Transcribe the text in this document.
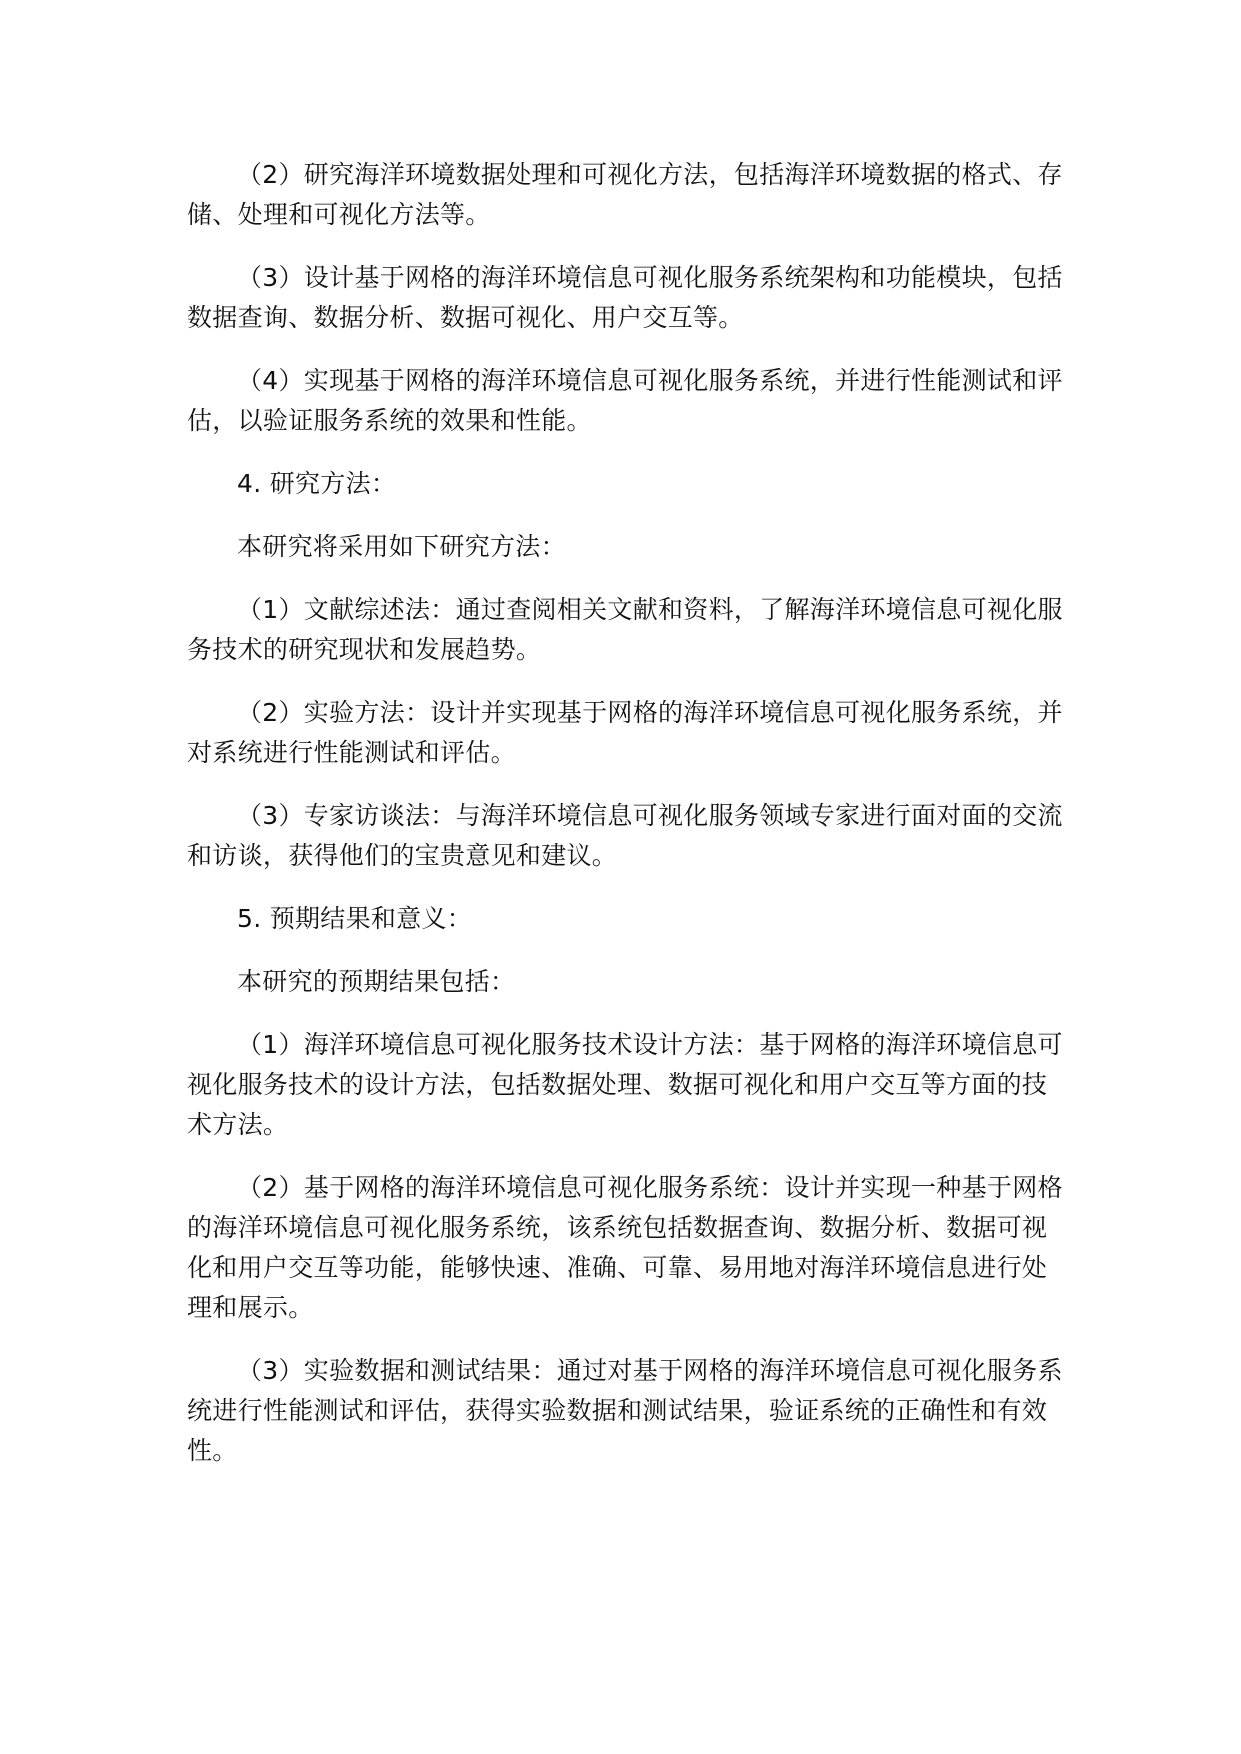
（2）研究海洋环境数据处理和可视化方法，包括海洋环境数据的格式、存储、处理和可视化方法等。

（3）设计基于网格的海洋环境信息可视化服务系统架构和功能模块，包括数据查询、数据分析、数据可视化、用户交互等。

（4）实现基于网格的海洋环境信息可视化服务系统，并进行性能测试和评估，以验证服务系统的效果和性能。

4. 研究方法：

本研究将采用如下研究方法：

（1）文献综述法：通过查阅相关文献和资料，了解海洋环境信息可视化服务技术的研究现状和发展趋势。

（2）实验方法：设计并实现基于网格的海洋环境信息可视化服务系统，并对系统进行性能测试和评估。

（3）专家访谈法：与海洋环境信息可视化服务领域专家进行面对面的交流和访谈，获得他们的宝贵意见和建议。

5. 预期结果和意义：

本研究的预期结果包括：

（1）海洋环境信息可视化服务技术设计方法：基于网格的海洋环境信息可视化服务技术的设计方法，包括数据处理、数据可视化和用户交互等方面的技术方法。

（2）基于网格的海洋环境信息可视化服务系统：设计并实现一种基于网格的海洋环境信息可视化服务系统，该系统包括数据查询、数据分析、数据可视化和用户交互等功能，能够快速、准确、可靠、易用地对海洋环境信息进行处理和展示。

（3）实验数据和测试结果：通过对基于网格的海洋环境信息可视化服务系统进行性能测试和评估，获得实验数据和测试结果，验证系统的正确性和有效性。
